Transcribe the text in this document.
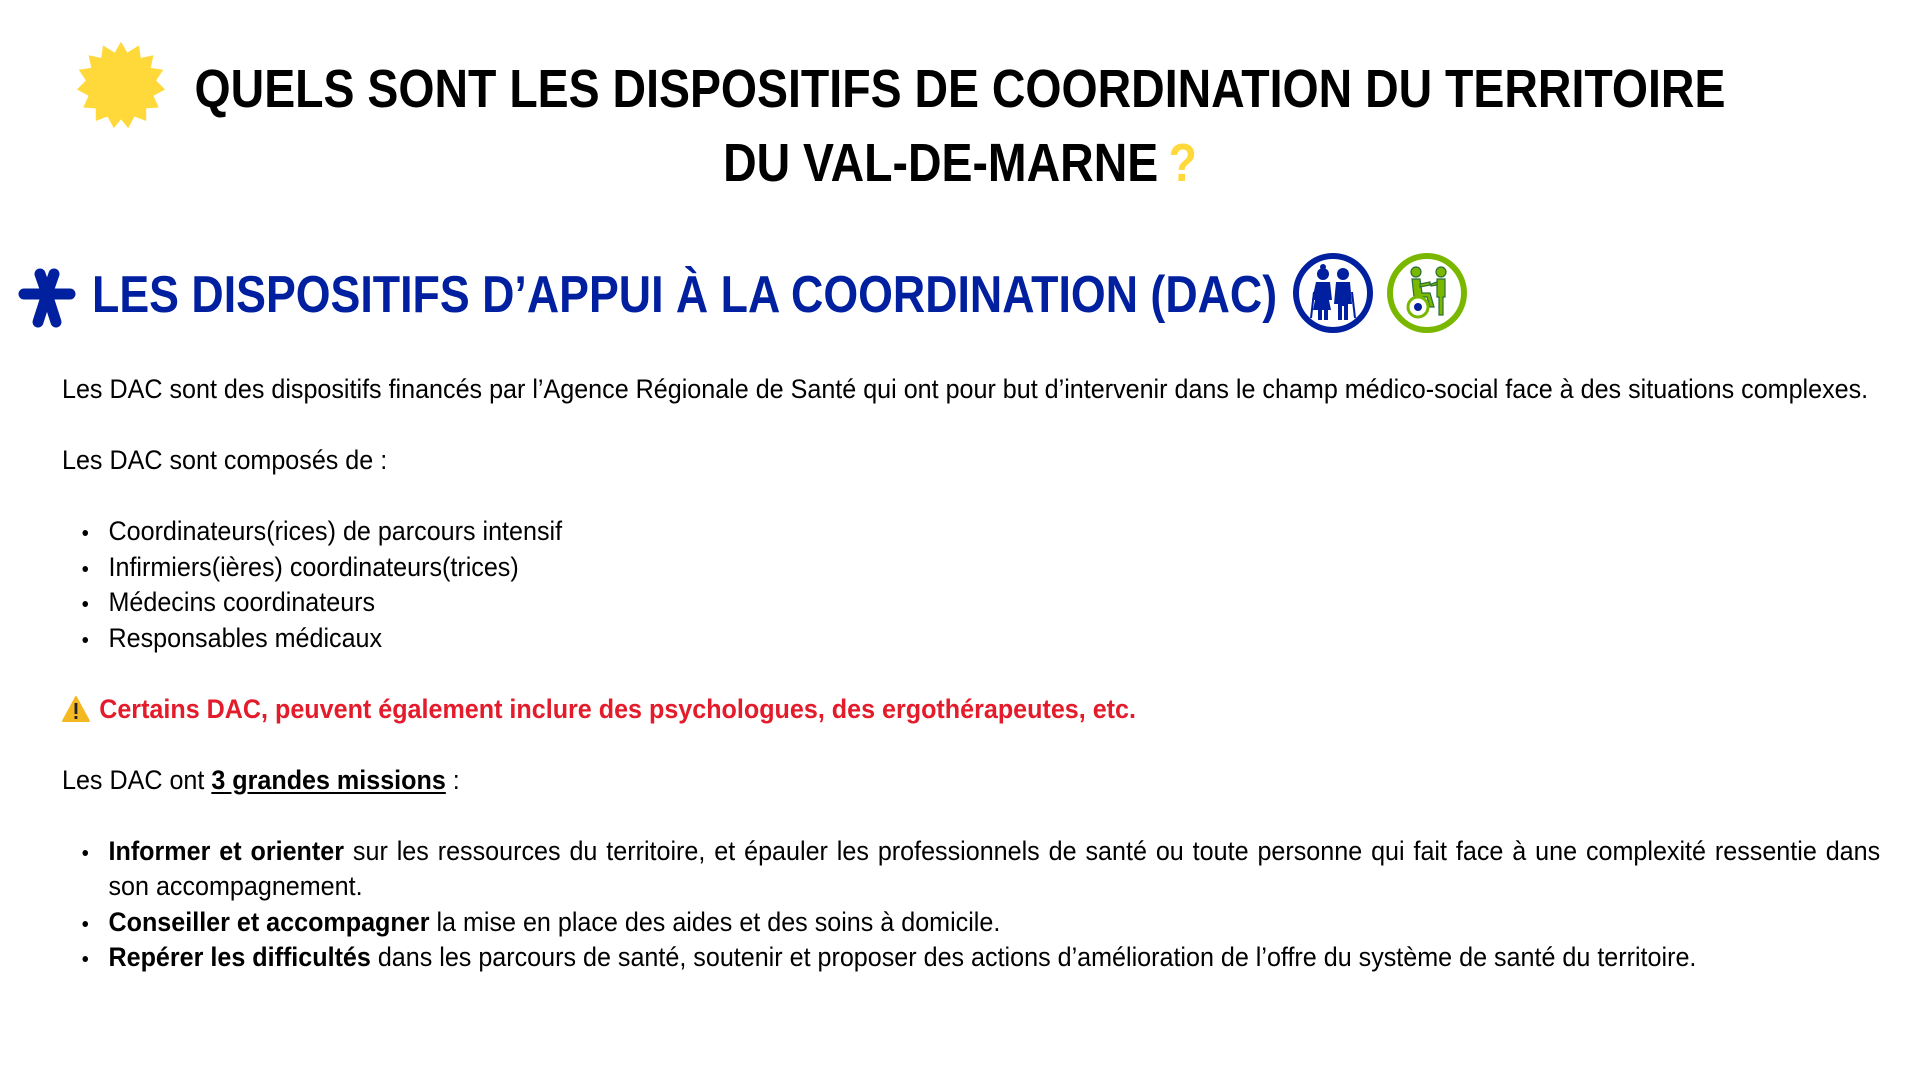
QUELS SONT LES DISPOSITIFS DE COORDINATION DU TERRITOIRE
DU VAL-DE-MARNE ?
LES DISPOSITIFS D’APPUI À LA COORDINATION (DAC)

Les DAC sont des dispositifs financés par l’Agence Régionale de Santé qui ont pour but d’intervenir dans le champ médico-social face à des situations complexes.

Les DAC sont composés de :

Coordinateurs(rices) de parcours intensif
Infirmiers(ières) coordinateurs(trices)
Médecins coordinateurs
Responsables médicaux
Certains DAC, peuvent également inclure des psychologues, des ergothérapeutes, etc.

Les DAC ont 3 grandes missions :

Informer et orienter sur les ressources du territoire, et épauler les professionnels de santé ou toute personne qui fait face à une complexité ressentie dans son accompagnement.
Conseiller et accompagner la mise en place des aides et des soins à domicile.
Repérer les difficultés dans les parcours de santé, soutenir et proposer des actions d’amélioration de l’offre du système de santé du territoire.
